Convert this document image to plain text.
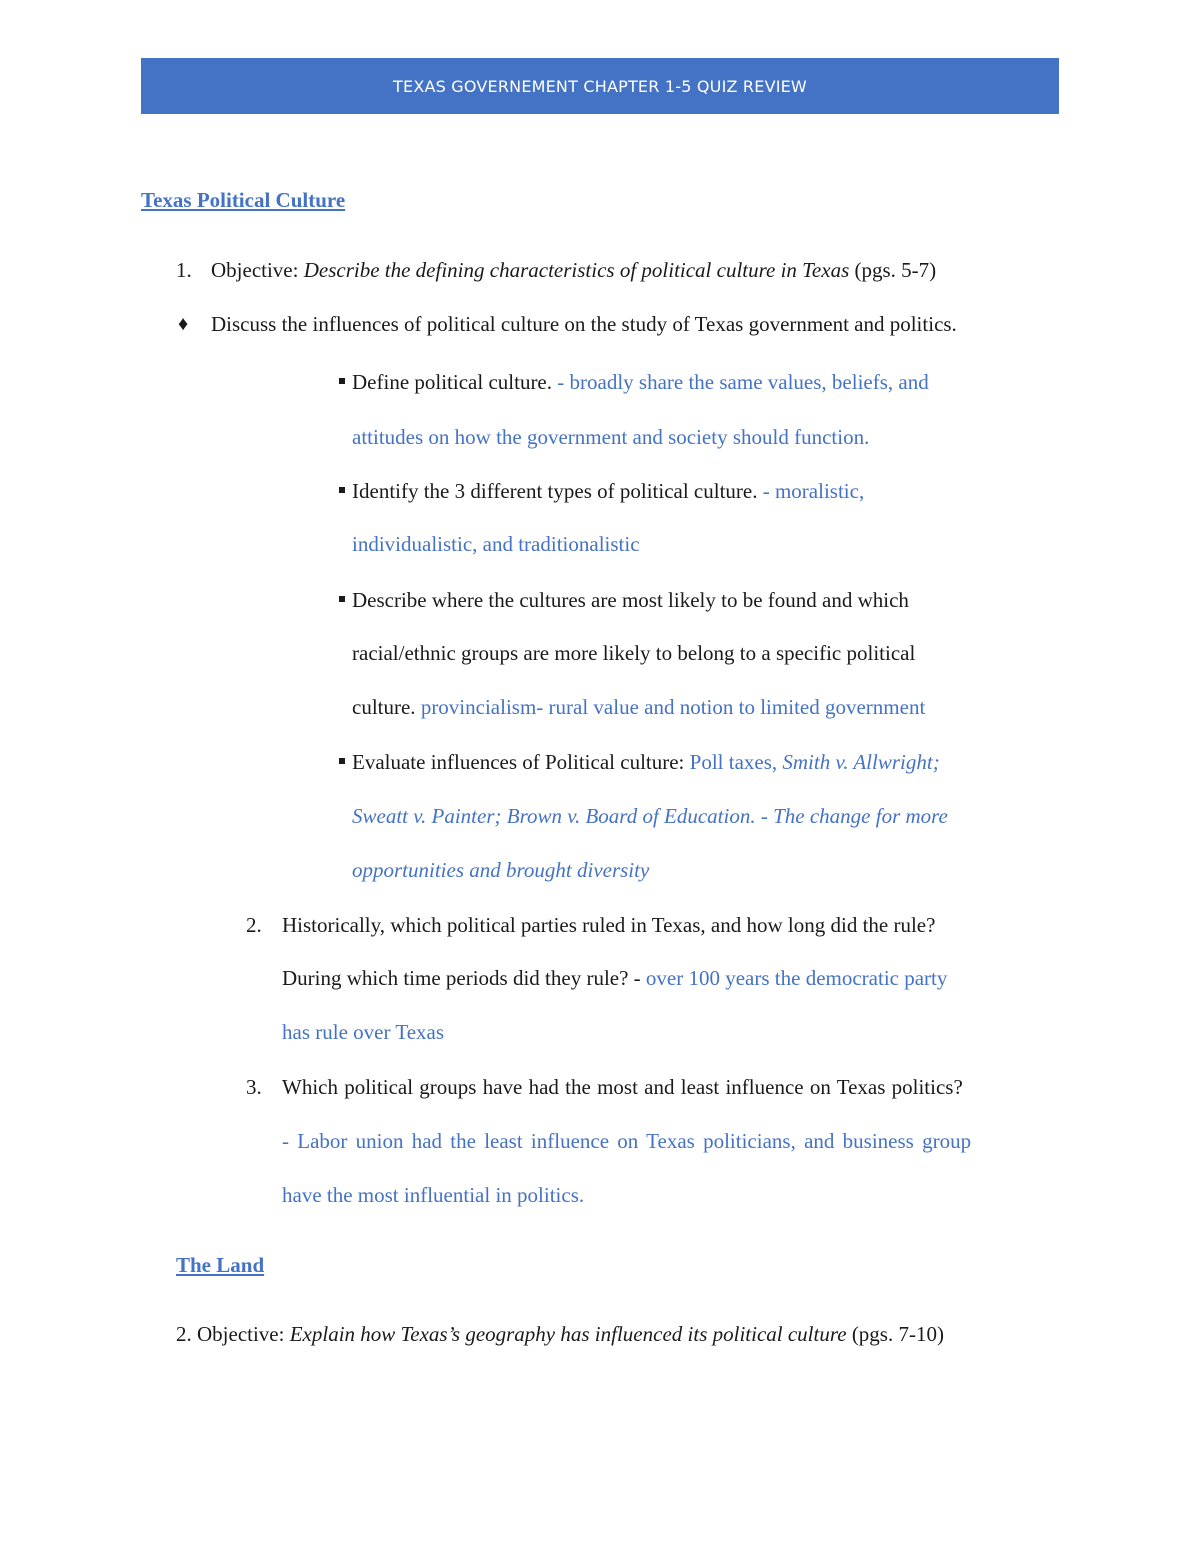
TEXAS GOVERNEMENT CHAPTER 1-5 QUIZ REVIEW
Texas Political Culture
1. Objective: Describe the defining characteristics of political culture in Texas (pgs. 5-7)
♦ Discuss the influences of political culture on the study of Texas government and politics.
Define political culture. - broadly share the same values, beliefs, and
attitudes on how the government and society should function.
Identify the 3 different types of political culture. - moralistic,
individualistic, and traditionalistic
Describe where the cultures are most likely to be found and which
racial/ethnic groups are more likely to belong to a specific political
culture. provincialism- rural value and notion to limited government
Evaluate influences of Political culture: Poll taxes, Smith v. Allwright;
Sweatt v. Painter; Brown v. Board of Education. - The change for more
opportunities and brought diversity
2. Historically, which political parties ruled in Texas, and how long did the rule?
During which time periods did they rule? - over 100 years the democratic party
has rule over Texas
3. Which political groups have had the most and least influence on Texas politics?
- Labor union had the least influence on Texas politicians, and business group
have the most influential in politics.
The Land
2. Objective: Explain how Texas’s geography has influenced its political culture (pgs. 7-10)
